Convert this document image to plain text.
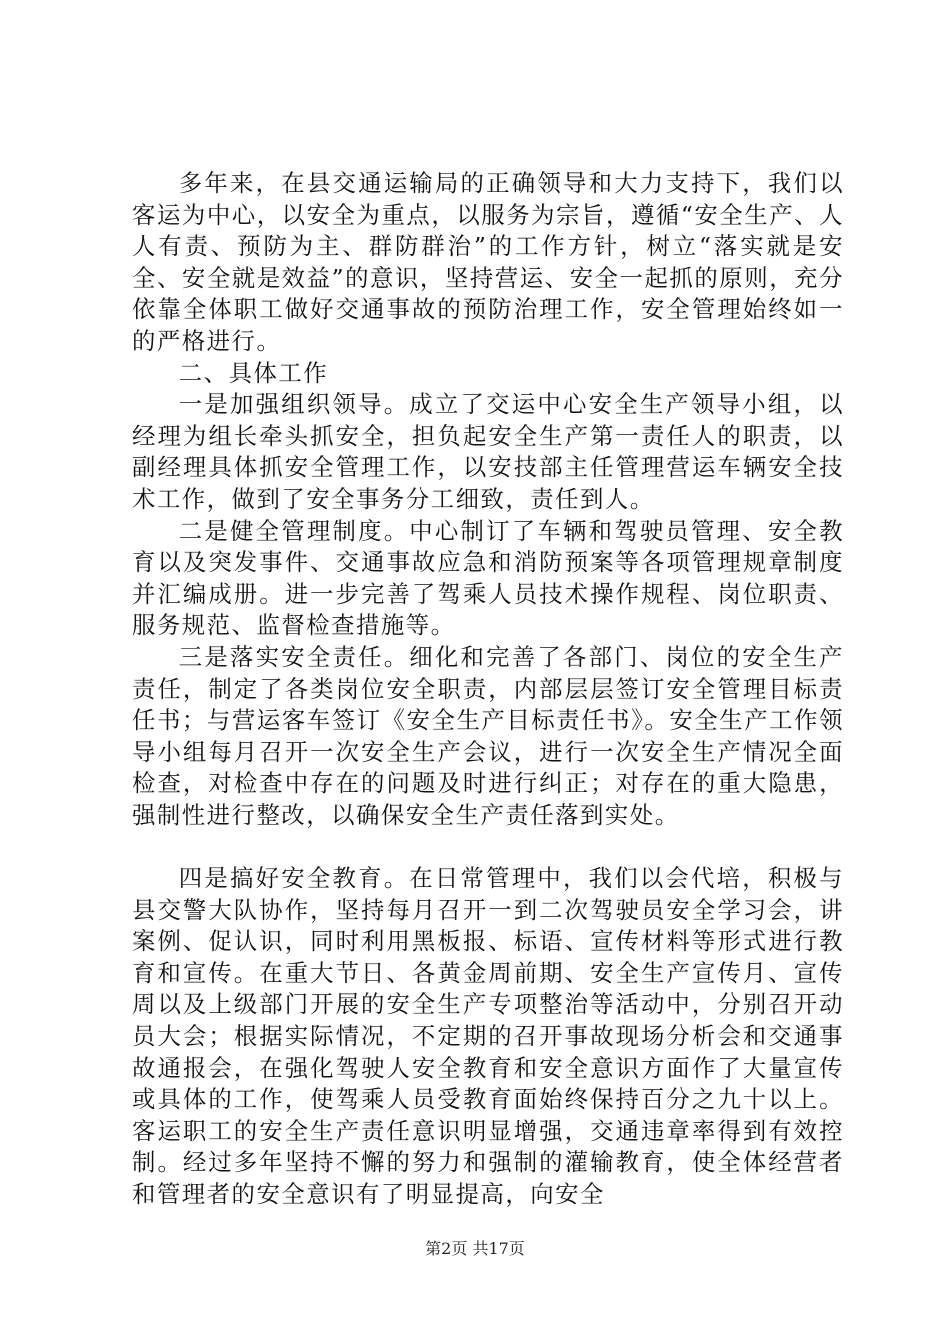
多年来，在县交通运输局的正确领导和大力支持下，我们以客运为中心，以安全为重点，以服务为宗旨，遵循“安全生产、人人有责、预防为主、群防群治”的工作方针，树立“落实就是安全、安全就是效益”的意识，坚持营运、安全一起抓的原则，充分依靠全体职工做好交通事故的预防治理工作，安全管理始终如一的严格进行。

二、具体工作

一是加强组织领导。成立了交运中心安全生产领导小组，以经理为组长牵头抓安全，担负起安全生产第一责任人的职责，以副经理具体抓安全管理工作，以安技部主任管理营运车辆安全技术工作，做到了安全事务分工细致，责任到人。

二是健全管理制度。中心制订了车辆和驾驶员管理、安全教育以及突发事件、交通事故应急和消防预案等各项管理规章制度并汇编成册。进一步完善了驾乘人员技术操作规程、岗位职责、服务规范、监督检查措施等。

三是落实安全责任。细化和完善了各部门、岗位的安全生产责任，制定了各类岗位安全职责，内部层层签订安全管理目标责任书；与营运客车签订《安全生产目标责任书》。安全生产工作领导小组每月召开一次安全生产会议，进行一次安全生产情况全面检查，对检查中存在的问题及时进行纠正；对存在的重大隐患，强制性进行整改，以确保安全生产责任落到实处。

四是搞好安全教育。在日常管理中，我们以会代培，积极与县交警大队协作，坚持每月召开一到二次驾驶员安全学习会，讲案例、促认识，同时利用黑板报、标语、宣传材料等形式进行教育和宣传。在重大节日、各黄金周前期、安全生产宣传月、宣传周以及上级部门开展的安全生产专项整治等活动中，分别召开动员大会；根据实际情况，不定期的召开事故现场分析会和交通事故通报会，在强化驾驶人安全教育和安全意识方面作了大量宣传或具体的工作，使驾乘人员受教育面始终保持百分之九十以上。客运职工的安全生产责任意识明显增强，交通违章率得到有效控制。经过多年坚持不懈的努力和强制的灌输教育，使全体经营者和管理者的安全意识有了明显提高，向安全

第2页 共17页
